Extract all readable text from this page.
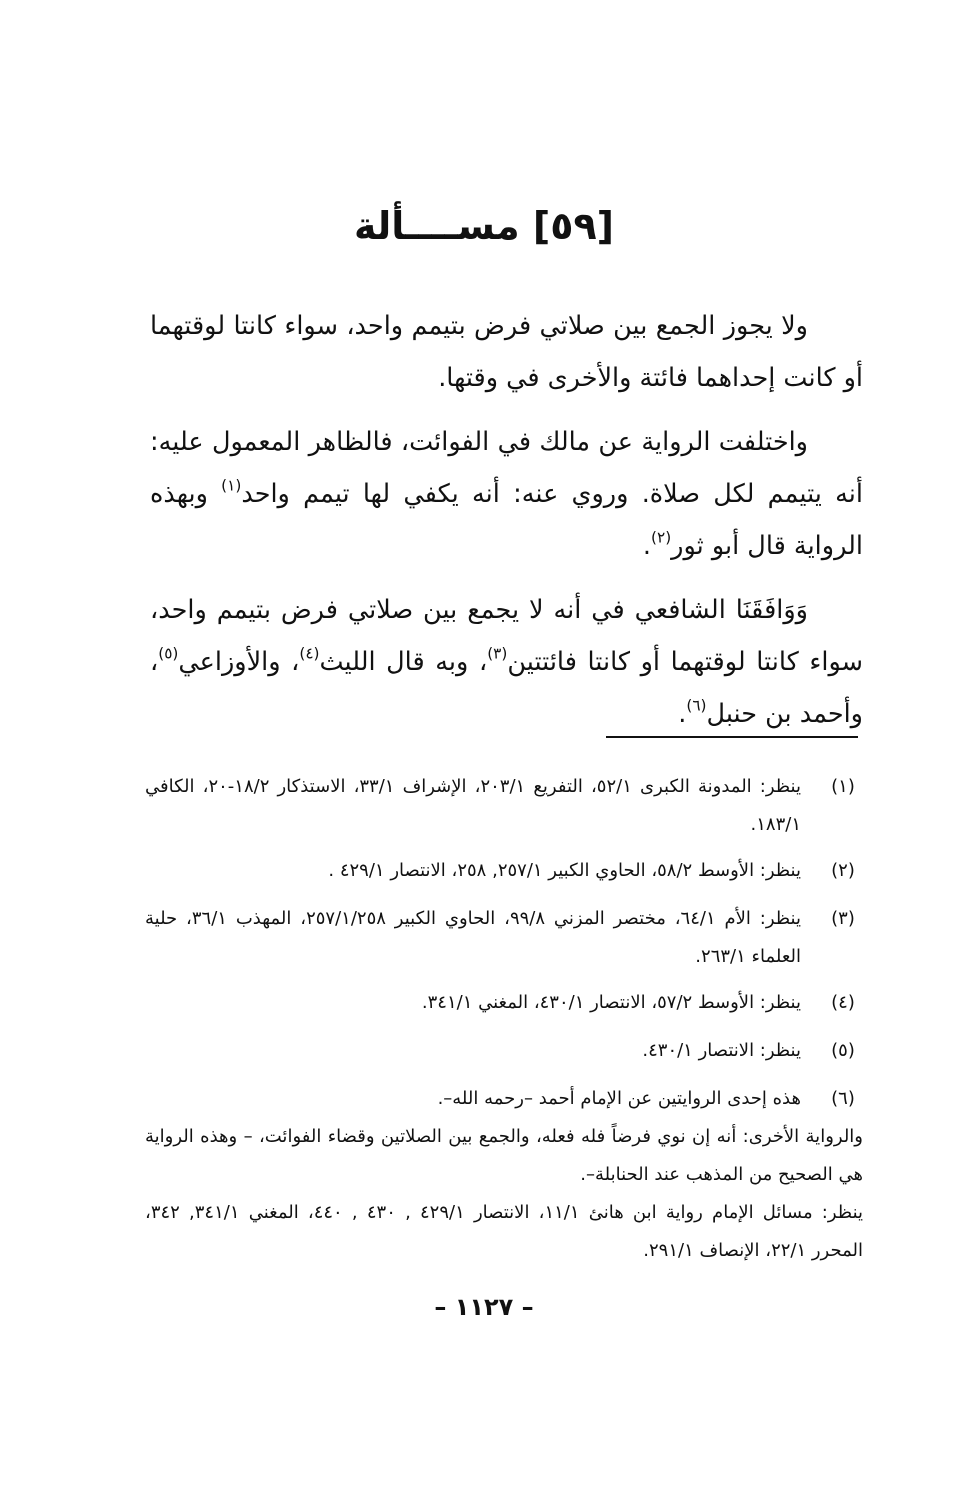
[٥٩] مســــألة

ولا يجوز الجمع بين صلاتي فرض بتيمم واحد، سواء كانتا لوقتهما أو كانت إحداهما فائتة والأخرى في وقتها.

واختلفت الرواية عن مالك في الفوائت، فالظاهر المعمول عليه: أنه يتيمم لكل صلاة. وروي عنه: أنه يكفي لها تيمم واحد$^{(١)}$ وبهذه الرواية قال أبو ثور$^{(٢)}$.

وَوَافَقَنَا الشافعي في أنه لا يجمع بين صلاتي فرض بتيمم واحد، سواء كانتا لوقتهما أو كانتا فائتتين$^{(٣)}$، وبه قال الليث$^{(٤)}$، والأوزاعي$^{(٥)}$، وأحمد بن حنبل$^{(٦)}$.

(١)
ينظر: المدونة الكبرى ٥٢/١، التفريع ٢٠٣/١، الإشراف ٣٣/١، الاستذكار ١٨/٢-٢٠، الكافي ١٨٣/١.
(٢)
ينظر: الأوسط ٥٨/٢، الحاوي الكبير ٢٥٧/١, ٢٥٨، الانتصار ٤٢٩/١ .
(٣)
ينظر: الأم ٦٤/١، مختصر المزني ٩٩/٨، الحاوي الكبير ٢٥٧/١/٢٥٨، المهذب ٣٦/١، حلية العلماء ٢٦٣/١.
(٤)
ينظر: الأوسط ٥٧/٢، الانتصار ٤٣٠/١، المغني ٣٤١/١.
(٥)
ينظر: الانتصار ٤٣٠/١.
(٦)
هذه إحدى الروايتين عن الإمام أحمد –رحمه الله–.
والرواية الأخرى: أنه إن نوي فرضاً فله فعله، والجمع بين الصلاتين وقضاء الفوائت، – وهذه الرواية هي الصحيح من المذهب عند الحنابلة–.
ينظر: مسائل الإمام رواية ابن هانئ ١١/١، الانتصار ٤٢٩/١ , ٤٣٠ , ٤٤٠، المغني ٣٤١/١, ٣٤٢، المحرر ٢٢/١، الإنصاف ٢٩١/١.
– ١١٢٧ –
